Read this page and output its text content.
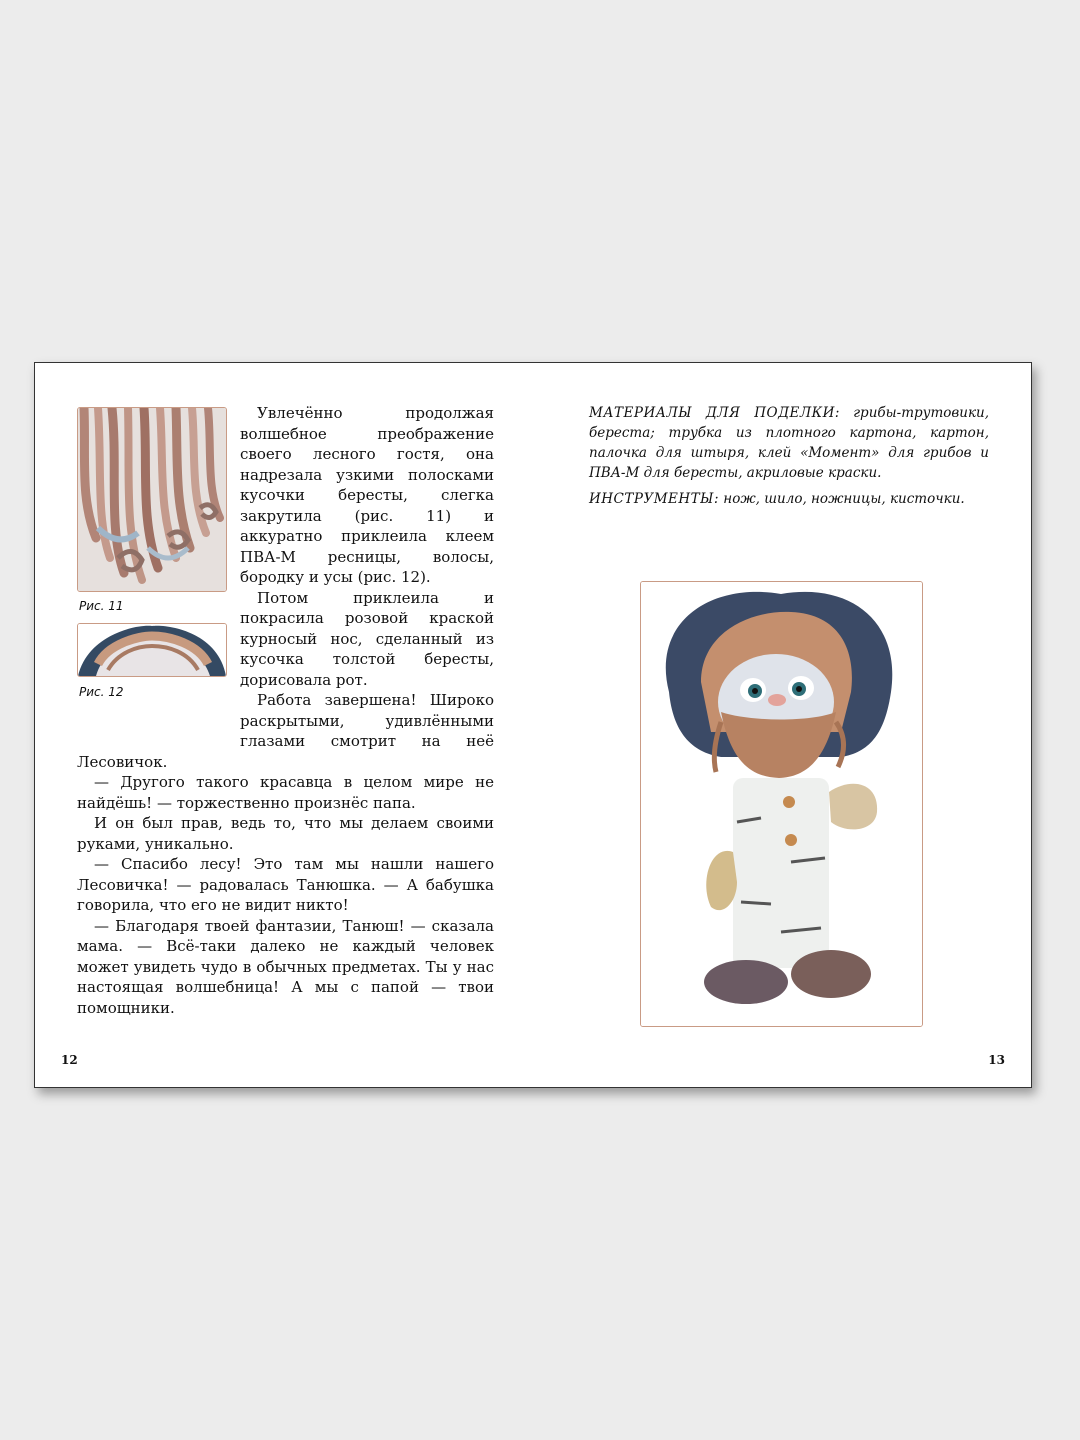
Рис. 11
Рис. 12

Увлечённо продолжая волшебное преображение своего лесного гостя, она надрезала узкими полосками кусочки бересты, слегка закрутила (рис. 11) и аккуратно приклеила клеем ПВА-М ресницы, волосы, бородку и усы (рис. 12).

Потом приклеила и покрасила розовой краской курносый нос, сделанный из кусочка толстой бересты, дорисовала рот.

Работа завершена! Широко раскрытыми, удивлёнными глазами смотрит на неё Лесовичок.

— Другого такого красавца в целом мире не найдёшь! — торжественно произнёс папа.

И он был прав, ведь то, что мы делаем своими руками, уникально.

— Спасибо лесу! Это там мы нашли нашего Лесовичка! — радовалась Танюшка. — А бабушка говорила, что его не видит никто!

— Благодаря твоей фантазии, Танюш! — сказала мама. — Всё-таки далеко не каждый человек может увидеть чудо в обычных предметах. Ты у нас настоящая волшебница! А мы с папой — твои помощники.

12

МАТЕРИАЛЫ ДЛЯ ПОДЕЛКИ: грибы-трутовики, береста; трубка из плотного картона, картон, палочка для штыря, клей «Момент» для грибов и ПВА-М для бересты, акриловые краски.

ИНСТРУМЕНТЫ: нож, шило, ножницы, кисточки.

13
